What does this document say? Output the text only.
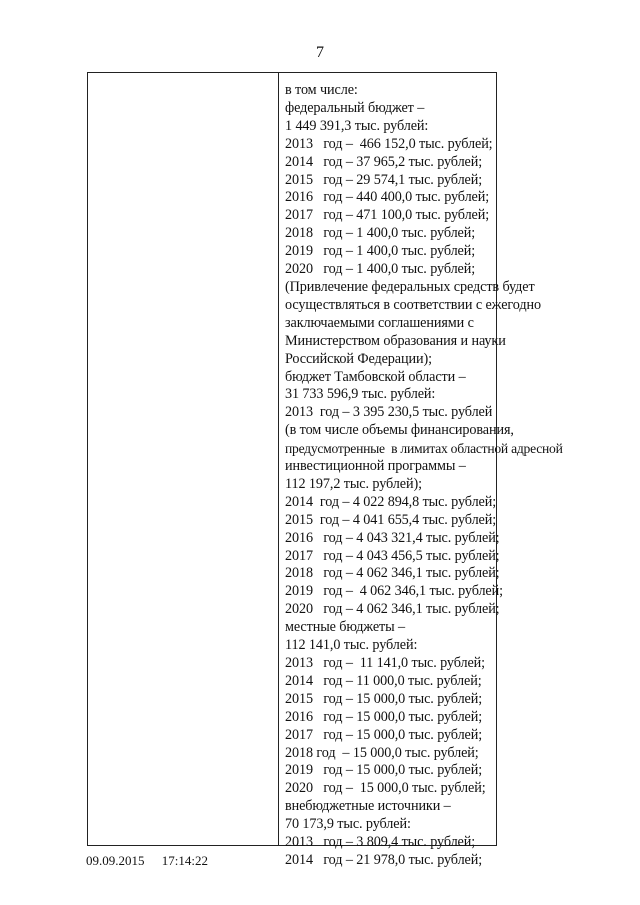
7
в том числе:
федеральный бюджет –
1 449 391,3 тыс. рублей:
2013   год –  466 152,0 тыс. рублей;
2014   год – 37 965,2 тыс. рублей;
2015   год – 29 574,1 тыс. рублей;
2016   год – 440 400,0 тыс. рублей;
2017   год – 471 100,0 тыс. рублей;
2018   год – 1 400,0 тыс. рублей;
2019   год – 1 400,0 тыс. рублей;
2020   год – 1 400,0 тыс. рублей;
(Привлечение федеральных средств будет
осуществляться в соответствии с ежегодно
заключаемыми соглашениями с
Министерством образования и науки
Российской Федерации);
бюджет Тамбовской области –
31 733 596,9 тыс. рублей:
2013  год – 3 395 230,5 тыс. рублей
(в том числе объемы финансирования,
предусмотренные  в лимитах областной адресной
инвестиционной программы –
112 197,2 тыс. рублей);
2014  год – 4 022 894,8 тыс. рублей;
2015  год – 4 041 655,4 тыс. рублей;
2016   год – 4 043 321,4 тыс. рублей;
2017   год – 4 043 456,5 тыс. рублей;
2018   год – 4 062 346,1 тыс. рублей;
2019   год –  4 062 346,1 тыс. рублей;
2020   год – 4 062 346,1 тыс. рублей;
местные бюджеты –
112 141,0 тыс. рублей:
2013   год –  11 141,0 тыс. рублей;
2014   год – 11 000,0 тыс. рублей;
2015   год – 15 000,0 тыс. рублей;
2016   год – 15 000,0 тыс. рублей;
2017   год – 15 000,0 тыс. рублей;
2018 год  – 15 000,0 тыс. рублей;
2019   год – 15 000,0 тыс. рублей;
2020   год –  15 000,0 тыс. рублей;
внебюджетные источники –
70 173,9 тыс. рублей:
2013   год – 3 809,4 тыс. рублей;
2014   год – 21 978,0 тыс. рублей;
09.09.2015 17:14:22
